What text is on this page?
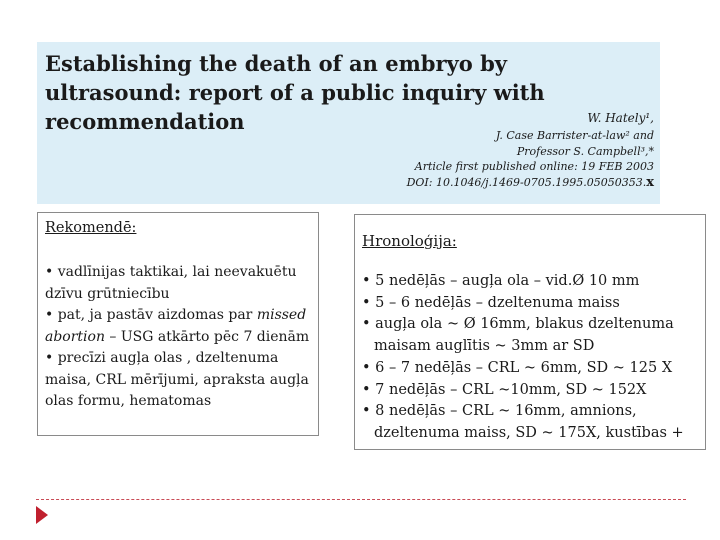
Establishing the death of an embryo by
ultrasound: report of a public inquiry with
recommendation	W. Hately¹,
J. Case Barrister-at-law² and
Professor S. Campbell³,*
Article first published online: 19 FEB 2003
DOI: 10.1046/j.1469-0705.1995.05050353.x
Rekomendē:
• vadlīnijas taktikai, lai neevakuētu dzīvu grūtniecību
• pat, ja pastāv aizdomas par missed abortion – USG atkārto pēc 7 dienām
• precīzi augļa olas , dzeltenuma maisa, CRL mērījumi, apraksta augļa olas formu, hematomas
Hronoloģija:
• 5 nedēļās – augļa ola – vid.Ø 10 mm
• 5 – 6 nedēļās – dzeltenuma maiss
• augļa ola ~ Ø 16mm, blakus dzeltenuma
maisam auglītis ~ 3mm ar SD
• 6 – 7 nedēļās – CRL ~ 6mm, SD ~ 125 X
• 7 nedēļās – CRL ~10mm, SD ~ 152X
• 8 nedēļās – CRL ~ 16mm, amnions,
dzeltenuma maiss, SD ~ 175X, kustības +
